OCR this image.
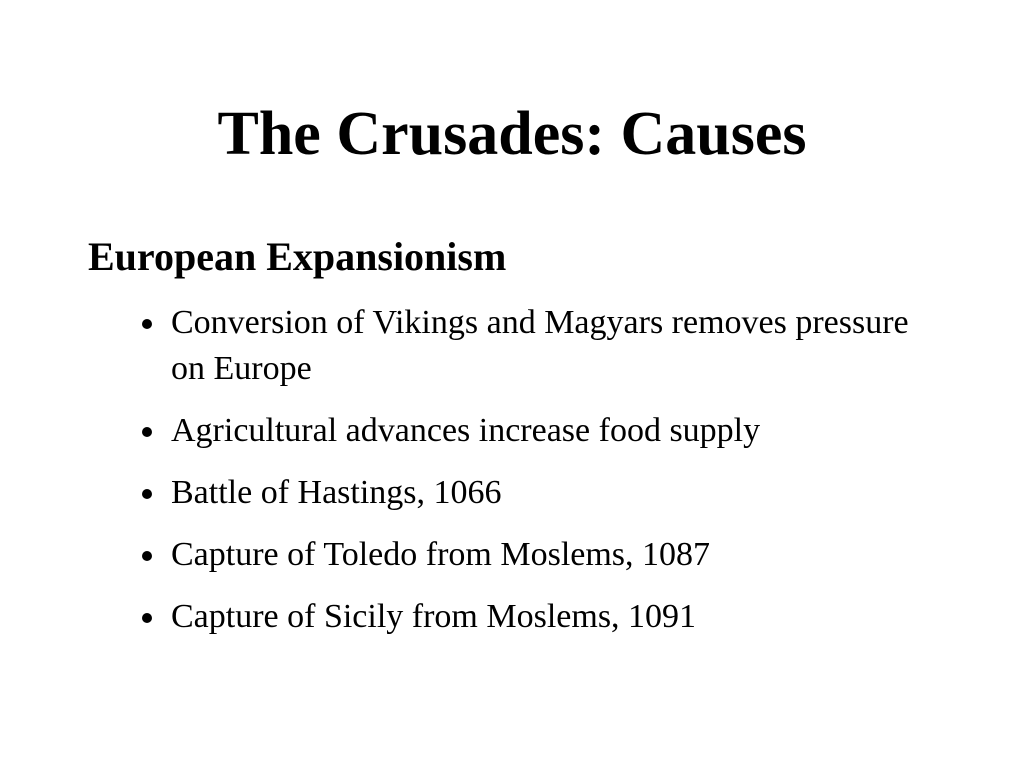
The Crusades: Causes
European Expansionism
Conversion of Vikings and Magyars removes pressure on Europe
Agricultural advances increase food supply
Battle of Hastings, 1066
Capture of Toledo from Moslems, 1087
Capture of Sicily from Moslems, 1091
